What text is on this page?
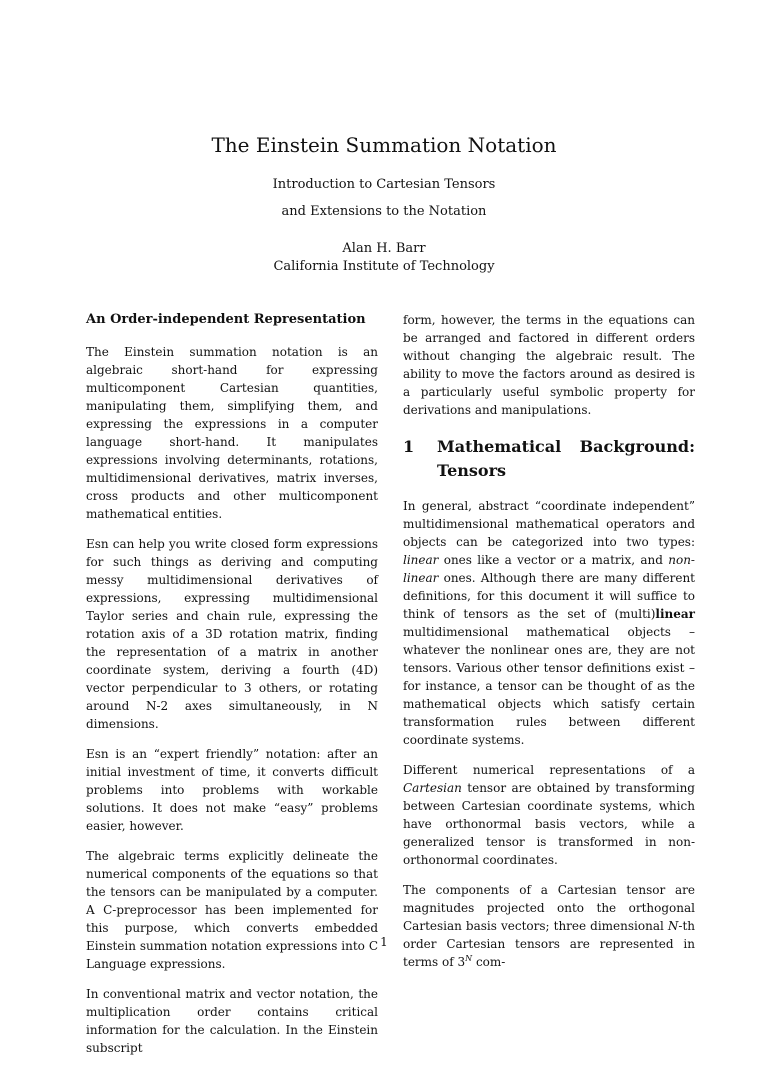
The Einstein Summation Notation
Introduction to Cartesian Tensors
and Extensions to the Notation
Alan H. Barr
California Institute of Technology
An Order-independent Representation

The Einstein summation notation is an algebraic short-hand for expressing multicomponent Cartesian quantities, manipulating them, simplifying them, and expressing the expressions in a computer language short-hand. It manipulates expressions involving determinants, rotations, multidimensional derivatives, matrix inverses, cross products and other multicomponent mathematical entities.

Esn can help you write closed form expressions for such things as deriving and computing messy multidimensional derivatives of expressions, expressing multidimensional Taylor series and chain rule, expressing the rotation axis of a 3D rotation matrix, finding the representation of a matrix in another coordinate system, deriving a fourth (4D) vector perpendicular to 3 others, or rotating around N-2 axes simultaneously, in N dimensions.

Esn is an “expert friendly” notation: after an initial investment of time, it converts difficult problems into problems with workable solutions. It does not make “easy” problems easier, however.

The algebraic terms explicitly delineate the numerical components of the equations so that the tensors can be manipulated by a computer. A C-preprocessor has been implemented for this purpose, which converts embedded Einstein summation notation expressions into C Language expressions.

In conventional matrix and vector notation, the multiplication order contains critical information for the calculation. In the Einstein subscript

form, however, the terms in the equations can be arranged and factored in different orders without changing the algebraic result. The ability to move the factors around as desired is a particularly useful symbolic property for derivations and manipulations.

1	Mathematical Background:
Tensors

In general, abstract “coordinate independent” multidimensional mathematical operators and objects can be categorized into two types: linear ones like a vector or a matrix, and non-linear ones. Although there are many different definitions, for this document it will suffice to think of tensors as the set of (multi)linear multidimensional mathematical objects – whatever the nonlinear ones are, they are not tensors. Various other tensor definitions exist – for instance, a tensor can be thought of as the mathematical objects which satisfy certain transformation rules between different coordinate systems.

Different numerical representations of a Cartesian tensor are obtained by transforming between Cartesian coordinate systems, which have orthonormal basis vectors, while a generalized tensor is transformed in non-orthonormal coordinates.

The components of a Cartesian tensor are magnitudes projected onto the orthogonal Cartesian basis vectors; three dimensional N-th order Cartesian tensors are represented in terms of $3^N$ com-

1
